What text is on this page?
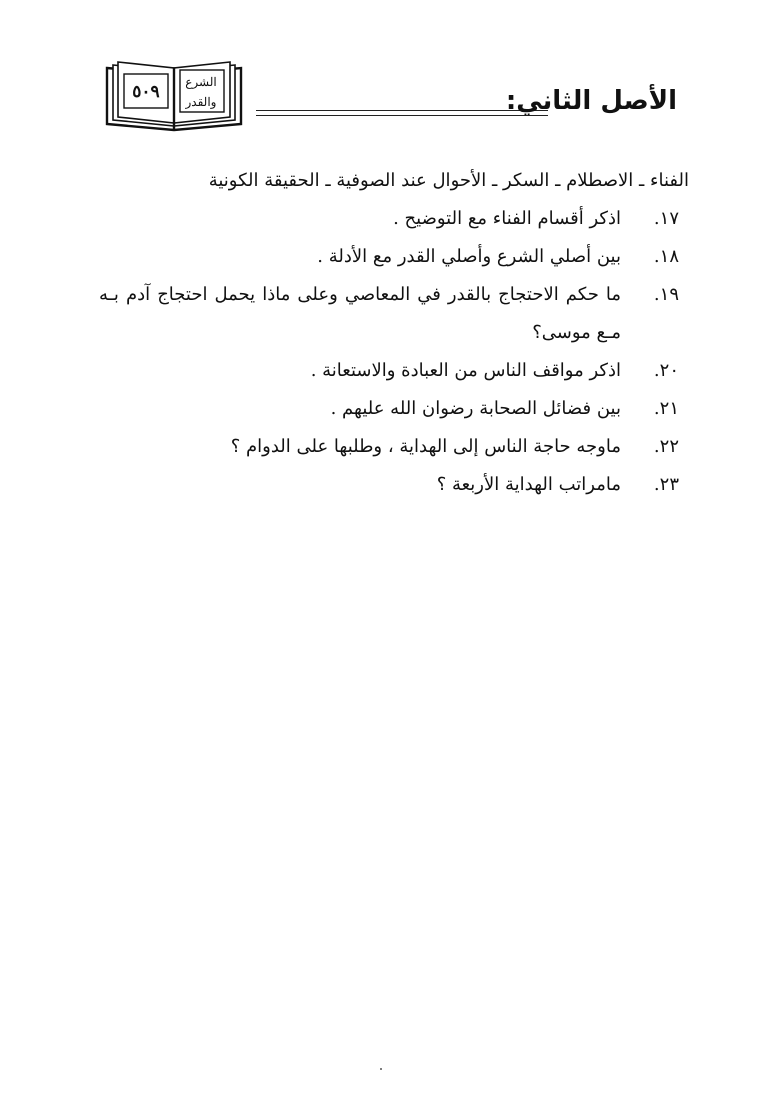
٥٠٩	الشرع
والقدر	الأصل الثاني:
الفناء ـ الاصطلام ـ السكر ـ الأحوال عند الصوفية ـ الحقيقة الكونية
١٧.
اذكر أقسام الفناء مع التوضيح .
١٨.
بين أصلي الشرع وأصلي القدر مع الأدلة .
١٩.
ما حكم الاحتجاج بالقدر في المعاصي وعلى ماذا يحمل احتجاج آدم بـه مـع موسى؟
٢٠.
اذكر مواقف الناس من العبادة والاستعانة .
٢١.
بين فضائل الصحابة رضوان الله عليهم .
٢٢.
ماوجه حاجة الناس إلى الهداية ، وطلبها على الدوام ؟
٢٣.
مامراتب الهداية الأربعة ؟
